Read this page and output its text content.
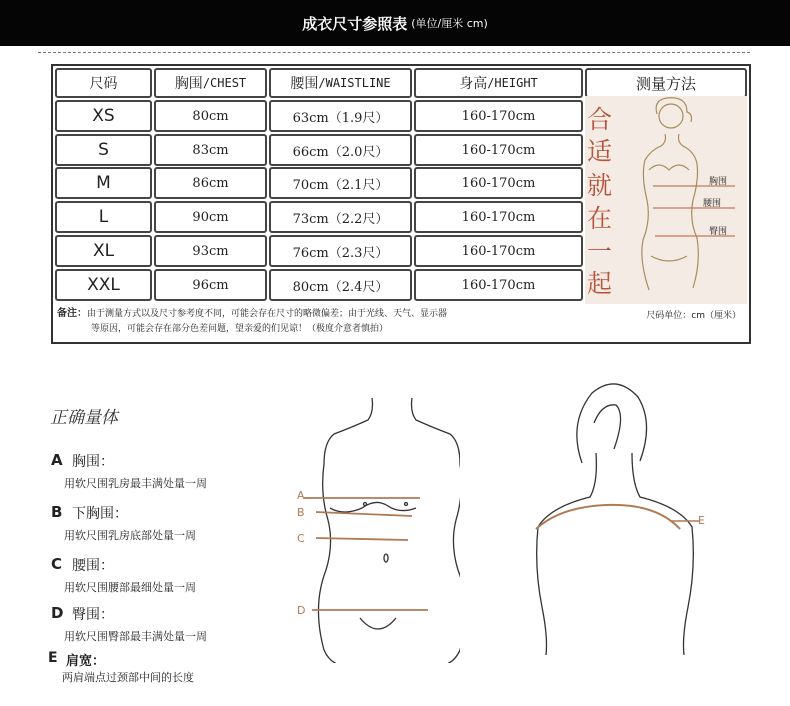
成衣尺寸参照表 (单位/厘米 cm)
尺码	胸围 /CHEST	腰围 /WAISTLINE	身高 /HEIGHT	测量方法
XS	80cm	63cm（1.9尺）	160-170cm
S	83cm	66cm（2.0尺）	160-170cm
M	86cm	70cm（2.1尺）	160-170cm
L	90cm	73cm（2.2尺）	160-170cm
XL	93cm	76cm（2.3尺）	160-170cm
XXL	96cm	80cm（2.4尺）	160-170cm
合
适
就
在
一
起
胸围
腰围
臀围
备注：由于测量方式以及尺寸参考度不同，可能会存在尺寸的略微偏差；由于光线、天气、显示器
等原因，可能会存在部分色差问题，望亲爱的们见谅！（极度介意者慎拍）
尺码单位：cm（厘米）
正确量体
A 胸围：
用软尺围乳房最丰满处量一周
B 下胸围：
用软尺围乳房底部处量一周
C 腰围：
用软尺围腰部最细处量一周
D 臀围：
用软尺围臀部最丰满处量一周
E 肩宽：
两肩端点过颈部中间的长度
A
B
C
D
E
